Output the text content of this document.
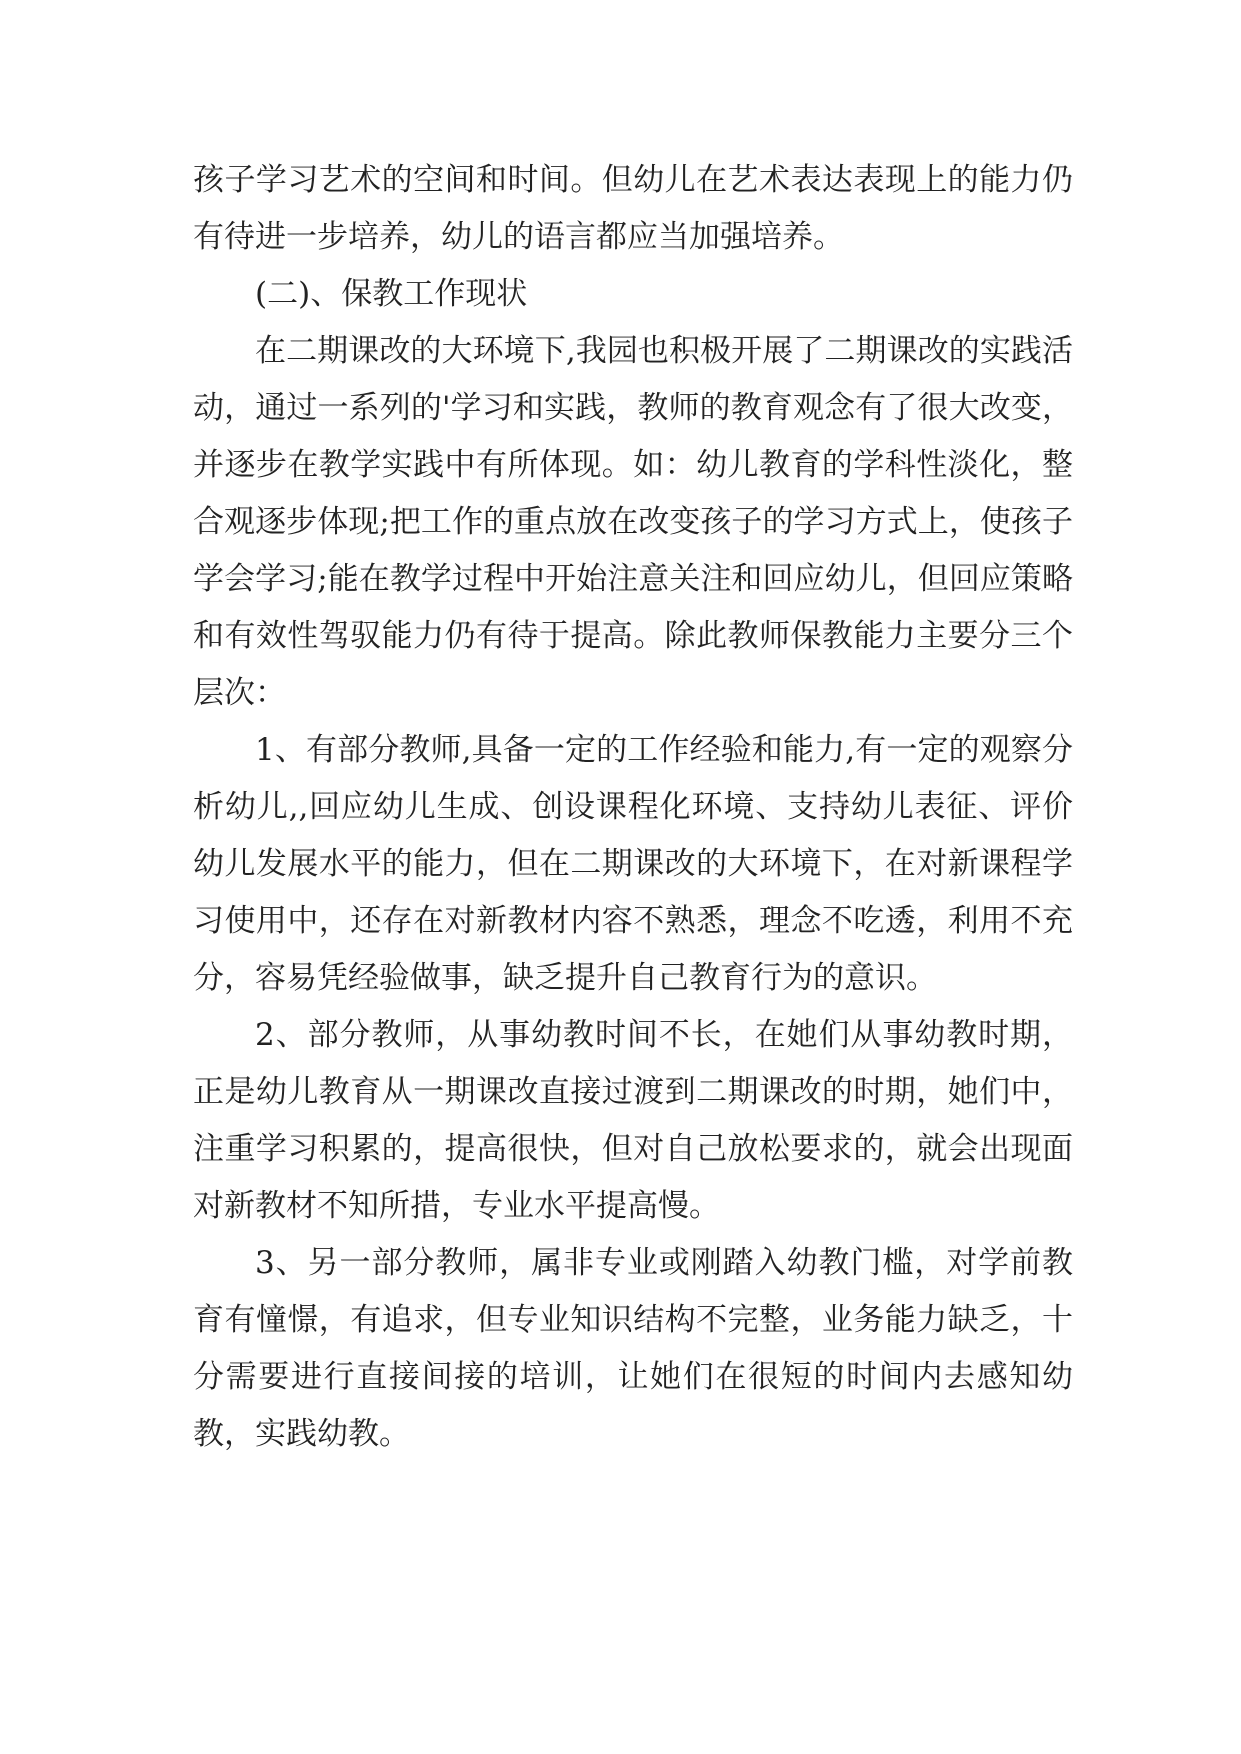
孩子学习艺术的空间和时间。但幼儿在艺术表达表现上的能力仍有待进一步培养，幼儿的语言都应当加强培养。

(二)、保教工作现状

在二期课改的大环境下,我园也积极开展了二期课改的实践活动，通过一系列的'学习和实践，教师的教育观念有了很大改变，并逐步在教学实践中有所体现。如：幼儿教育的学科性淡化，整合观逐步体现;把工作的重点放在改变孩子的学习方式上，使孩子学会学习;能在教学过程中开始注意关注和回应幼儿，但回应策略和有效性驾驭能力仍有待于提高。除此教师保教能力主要分三个层次：

1、有部分教师,具备一定的工作经验和能力,有一定的观察分析幼儿,,回应幼儿生成、创设课程化环境、支持幼儿表征、评价幼儿发展水平的能力，但在二期课改的大环境下，在对新课程学习使用中，还存在对新教材内容不熟悉，理念不吃透，利用不充分，容易凭经验做事，缺乏提升自己教育行为的意识。

2、部分教师，从事幼教时间不长，在她们从事幼教时期，正是幼儿教育从一期课改直接过渡到二期课改的时期，她们中，注重学习积累的，提高很快，但对自己放松要求的，就会出现面对新教材不知所措，专业水平提高慢。

3、另一部分教师，属非专业或刚踏入幼教门槛，对学前教育有憧憬，有追求，但专业知识结构不完整，业务能力缺乏，十分需要进行直接间接的培训，让她们在很短的时间内去感知幼教，实践幼教。
